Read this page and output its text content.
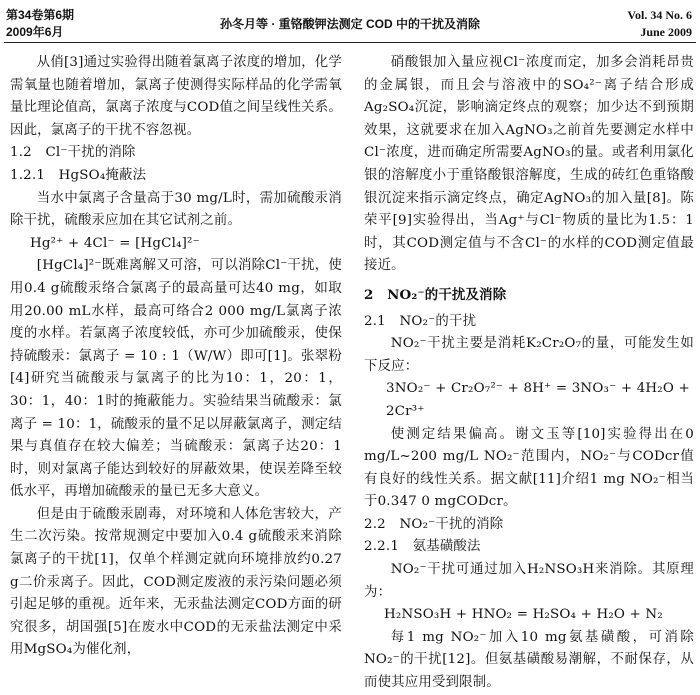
第34卷第6期
2009年6月
孙冬月等 · 重铬酸钾法测定 COD 中的干扰及消除
Vol. 34 No. 6
June 2009

从俏[3]通过实验得出随着氯离子浓度的增加，化学需氧量也随着增加，氯离子使测得实际样品的化学需氧量比理论值高，氯离子浓度与COD值之间呈线性关系。因此，氯离子的干扰不容忽视。

1.2　Cl⁻干扰的消除

1.2.1　HgSO₄掩蔽法

当水中氯离子含量高于30 mg/L时，需加硫酸汞消除干扰，硫酸汞应加在其它试剂之前。

Hg²⁺ + 4Cl⁻ = [HgCl₄]²⁻

[HgCl₄]²⁻既难离解又可溶，可以消除Cl⁻干扰，使用0.4 g硫酸汞络合氯离子的最高量可达40 mg，如取用20.00 mL水样，最高可络合2 000 mg/L氯离子浓度的水样。若氯离子浓度较低，亦可少加硫酸汞，使保持硫酸汞：氯离子 = 10 : 1（W/W）即可[1]。张翠粉[4]研究当硫酸汞与氯离子的比为10：1，20：1，30：1，40：1时的掩蔽能力。实验结果当硫酸汞：氯离子 = 10：1，硫酸汞的量不足以屏蔽氯离子，测定结果与真值存在较大偏差；当硫酸汞：氯离子达20：1时，则对氯离子能达到较好的屏蔽效果，使误差降至较低水平，再增加硫酸汞的量已无多大意义。

但是由于硫酸汞剧毒，对环境和人体危害较大，产生二次污染。按常规测定中要加入0.4 g硫酸汞来消除氯离子的干扰[1]，仅单个样测定就向环境排放约0.27 g二价汞离子。因此，COD测定废液的汞污染问题必须引起足够的重视。近年来，无汞盐法测定COD方面的研究很多，胡国强[5]在废水中COD的无汞盐法测定中采用MgSO₄为催化剂，

硝酸银加入量应视Cl⁻浓度而定，加多会消耗昂贵的金属银，而且会与溶液中的SO₄²⁻离子结合形成Ag₂SO₄沉淀，影响滴定终点的观察；加少达不到预期效果，这就要求在加入AgNO₃之前首先要测定水样中Cl⁻浓度，进而确定所需要AgNO₃的量。或者利用氯化银的溶解度小于重铬酸银溶解度，生成的砖红色重铬酸银沉淀来指示滴定终点，确定AgNO₃的加入量[8]。陈荣平[9]实验得出，当Ag⁺与Cl⁻物质的量比为1.5：1时，其COD测定值与不含Cl⁻的水样的COD测定值最接近。

2　NO₂⁻的干扰及消除

2.1　NO₂⁻的干扰

NO₂⁻干扰主要是消耗K₂Cr₂O₇的量，可能发生如下反应：

3NO₂⁻ + Cr₂O₇²⁻ + 8H⁺ = 3NO₃⁻ + 4H₂O + 2Cr³⁺

使测定结果偏高。谢文玉等[10]实验得出在0 mg/L~200 mg/L NO₂⁻范围内，NO₂⁻与CODcr值有良好的线性关系。据文献[11]介绍1 mg NO₂⁻相当于0.347 0 mgCODcr。

2.2　NO₂⁻干扰的消除

2.2.1　氨基磺酸法

NO₂⁻干扰可通过加入H₂NSO₃H来消除。其原理为：

H₂NSO₃H + HNO₂ = H₂SO₄ + H₂O + N₂

每1 mg NO₂⁻加入10 mg氨基磺酸，可消除NO₂⁻的干扰[12]。但氨基磺酸易潮解，不耐保存，从而使其应用受到限制。
